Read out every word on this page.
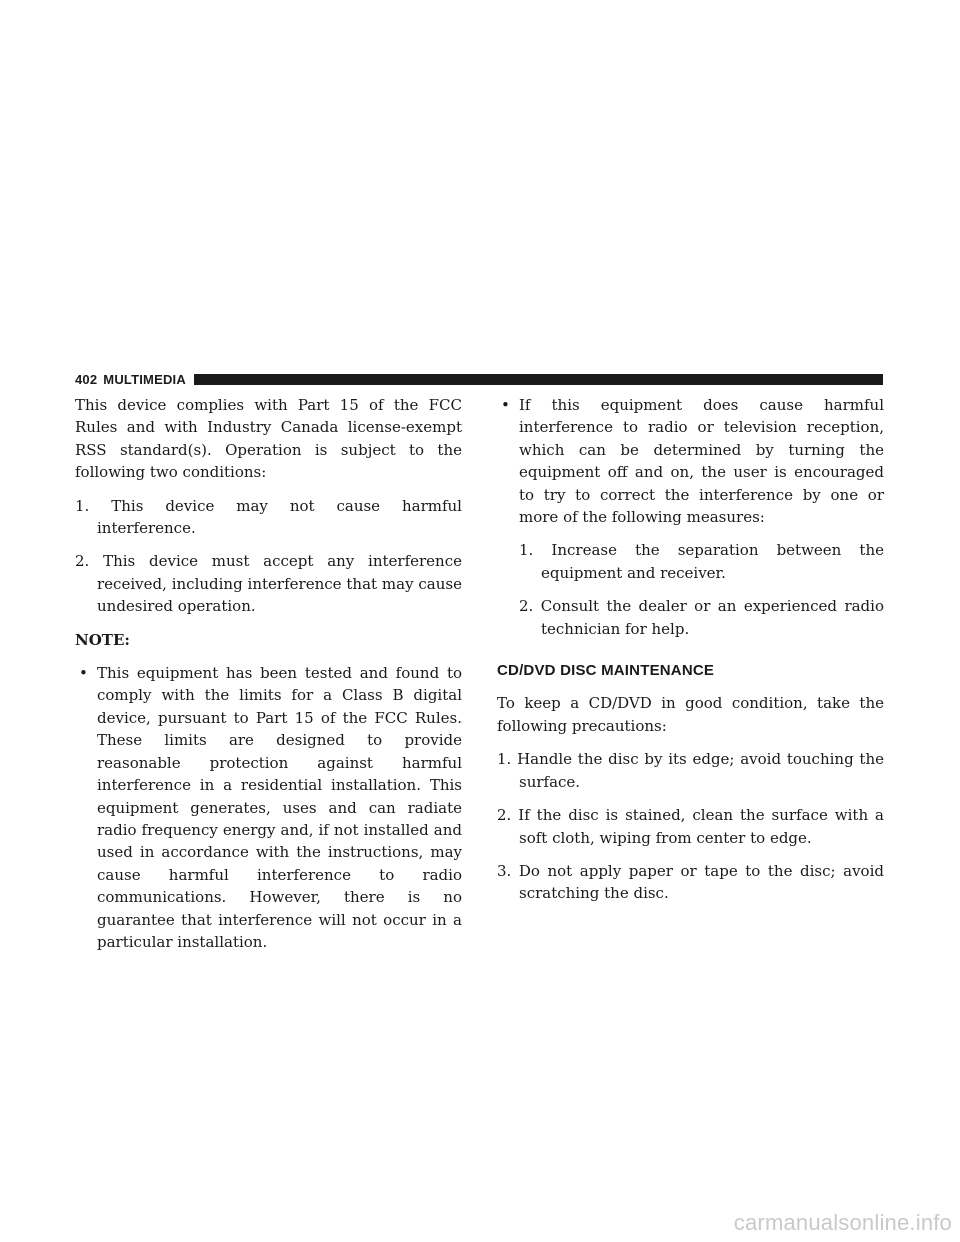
402 MULTIMEDIA

This device complies with Part 15 of the FCC Rules and with Industry Canada license-exempt RSS standard(s). Operation is subject to the following two conditions:

1. This device may not cause harmful interference.

2. This device must accept any interference received, including interference that may cause undesired operation.

NOTE:
• This equipment has been tested and found to comply with the limits for a Class B digital device, pursuant to Part 15 of the FCC Rules. These limits are designed to provide reasonable protection against harmful interference in a residential installation. This equipment generates, uses and can radiate radio frequency energy and, if not installed and used in accordance with the instructions, may cause harmful interference to radio communications. However, there is no guarantee that interference will not occur in a particular installation.
• If this equipment does cause harmful interference to radio or television reception, which can be determined by turning the equipment off and on, the user is encouraged to try to correct the interference by one or more of the following measures:

1. Increase the separation between the equipment and receiver.

2. Consult the dealer or an experienced radio technician for help.

CD/DVD DISC MAINTENANCE

To keep a CD/DVD in good condition, take the following precautions:

1. Handle the disc by its edge; avoid touching the surface.

2. If the disc is stained, clean the surface with a soft cloth, wiping from center to edge.

3. Do not apply paper or tape to the disc; avoid scratching the disc.

carmanualsonline.info
